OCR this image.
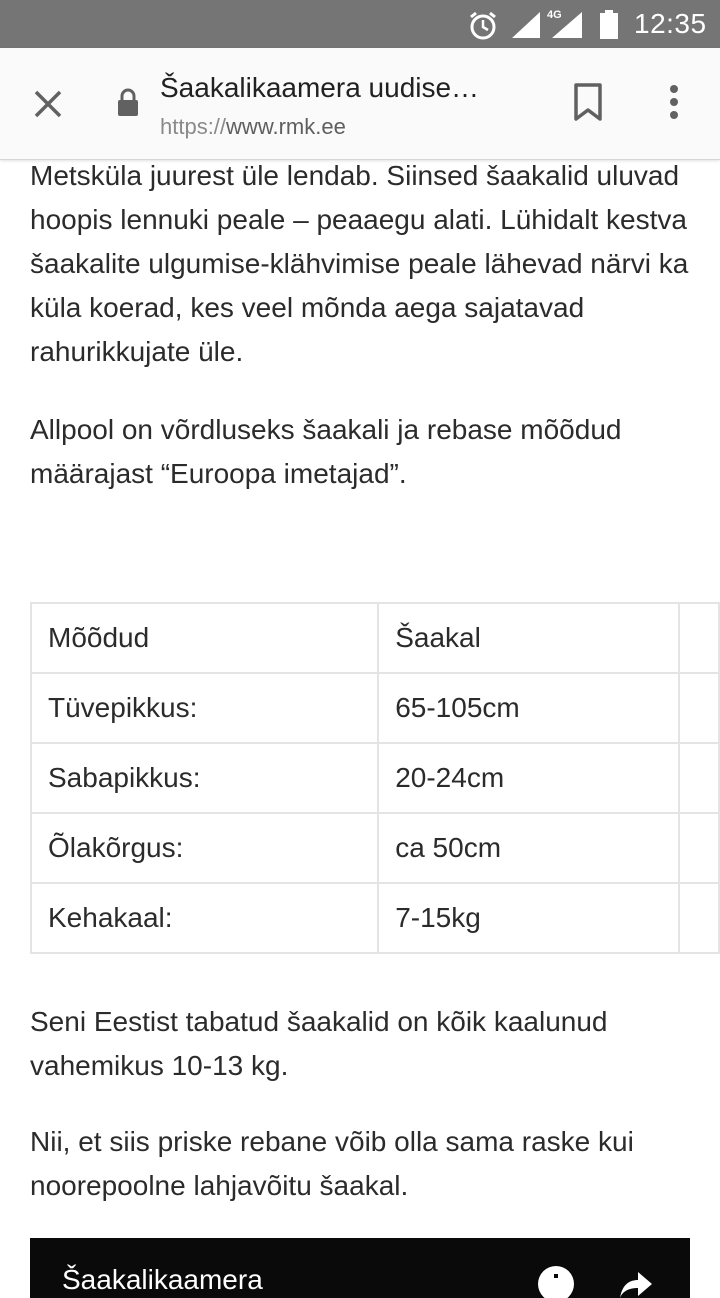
4G	12:35
Šaakalikaamera uudise…
https://www.rmk.ee

Metsküla juurest üle lendab. Siinsed šaakalid uluvad hoopis lennuki peale – peaaegu alati. Lühidalt kestva šaakalite ulgumise-klähvimise peale lähevad närvi ka küla koerad, kes veel mõnda aega sajatavad rahurikkujate üle.

Allpool on võrdluseks šaakali ja rebase mõõdud määrajast “Euroopa imetajad”.

Seni Eestist tabatud šaakalid on kõik kaalunud vahemikus 10-13 kg.

Nii, et siis priske rebane võib olla sama raske kui noorepoolne lahjavõitu šaakal.

Mõõdud	Šaakal	
Tüvepikkus:	65-105cm	
Sabapikkus:	20-24cm	
Õlakõrgus:	ca 50cm	
Kehakaal:	7-15kg	
Šaakalikaamera
